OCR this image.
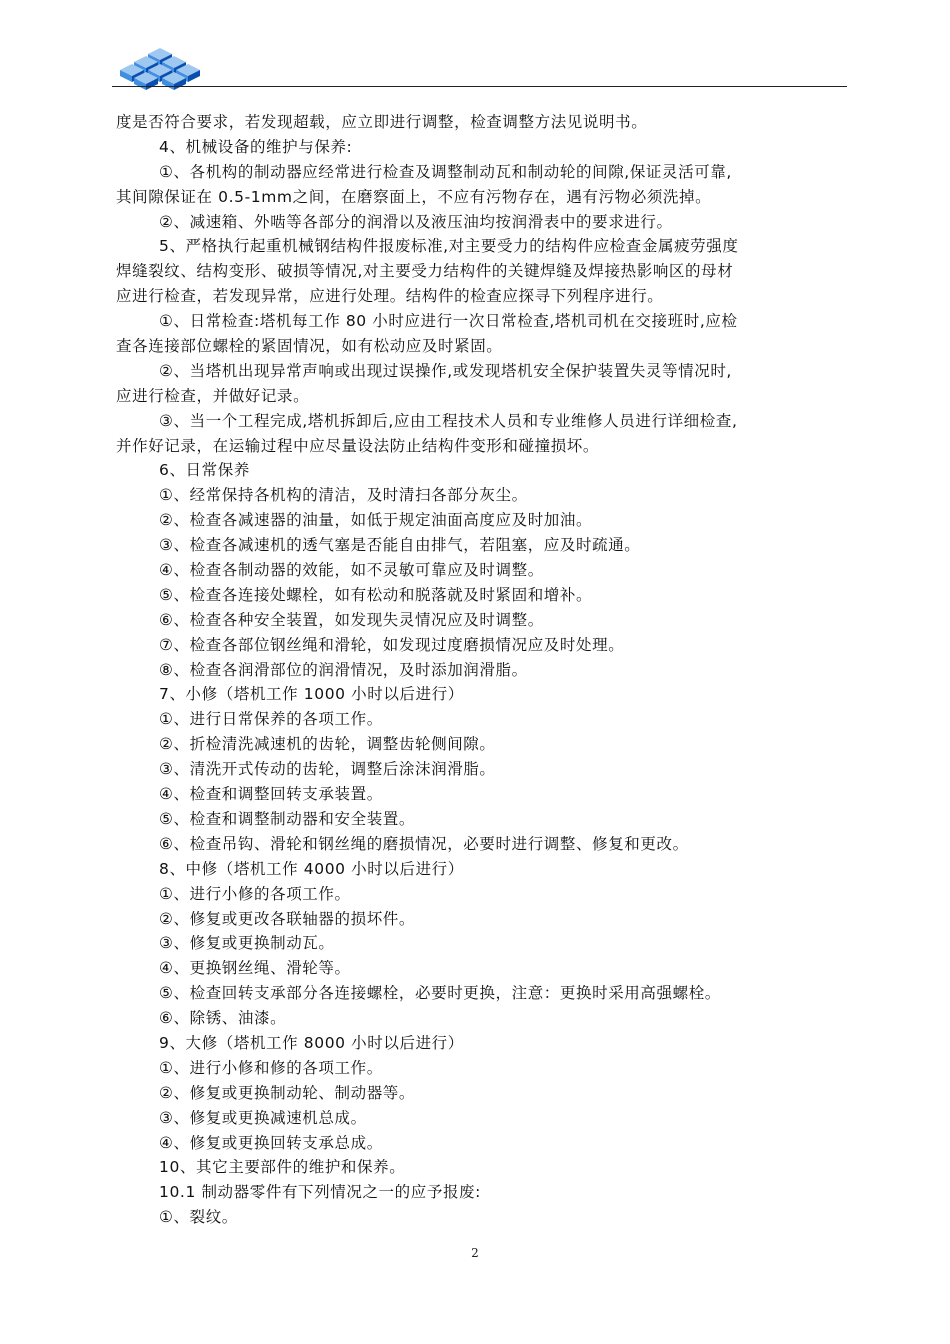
度是否符合要求，若发现超载，应立即进行调整，检查调整方法见说明书。
4、机械设备的维护与保养:
①、各机构的制动器应经常进行检查及调整制动瓦和制动轮的间隙,保证灵活可靠,
其间隙保证在 0.5-1mm之间，在磨察面上，不应有污物存在，遇有污物必须洗掉。
②、减速箱、外啮等各部分的润滑以及液压油均按润滑表中的要求进行。
5、严格执行起重机械钢结构件报废标准,对主要受力的结构件应检查金属疲劳强度
焊缝裂纹、结构变形、破损等情况,对主要受力结构件的关键焊缝及焊接热影响区的母材
应进行检查，若发现异常，应进行处理。结构件的检查应探寻下列程序进行。
①、日常检查:塔机每工作 80 小时应进行一次日常检查,塔机司机在交接班时,应检
查各连接部位螺栓的紧固情况，如有松动应及时紧固。
②、当塔机出现异常声响或出现过误操作,或发现塔机安全保护装置失灵等情况时,
应进行检查，并做好记录。
③、当一个工程完成,塔机拆卸后,应由工程技术人员和专业维修人员进行详细检查,
并作好记录，在运输过程中应尽量设法防止结构件变形和碰撞损坏。
6、日常保养
①、经常保持各机构的清洁，及时清扫各部分灰尘。
②、检查各减速器的油量，如低于规定油面高度应及时加油。
③、检查各减速机的透气塞是否能自由排气，若阻塞，应及时疏通。
④、检查各制动器的效能，如不灵敏可靠应及时调整。
⑤、检查各连接处螺栓，如有松动和脱落就及时紧固和增补。
⑥、检查各种安全装置，如发现失灵情况应及时调整。
⑦、检查各部位钢丝绳和滑轮，如发现过度磨损情况应及时处理。
⑧、检查各润滑部位的润滑情况，及时添加润滑脂。
7、小修（塔机工作 1000 小时以后进行）
①、进行日常保养的各项工作。
②、折检清洗减速机的齿轮，调整齿轮侧间隙。
③、清洗开式传动的齿轮，调整后涂沫润滑脂。
④、检查和调整回转支承装置。
⑤、检查和调整制动器和安全装置。
⑥、检查吊钩、滑轮和钢丝绳的磨损情况，必要时进行调整、修复和更改。
8、中修（塔机工作 4000 小时以后进行）
①、进行小修的各项工作。
②、修复或更改各联轴器的损坏件。
③、修复或更换制动瓦。
④、更换钢丝绳、滑轮等。
⑤、检查回转支承部分各连接螺栓，必要时更换，注意：更换时采用高强螺栓。
⑥、除锈、油漆。
9、大修（塔机工作 8000 小时以后进行）
①、进行小修和修的各项工作。
②、修复或更换制动轮、制动器等。
③、修复或更换减速机总成。
④、修复或更换回转支承总成。
10、其它主要部件的维护和保养。
10.1 制动器零件有下列情况之一的应予报废:
①、裂纹。
2
